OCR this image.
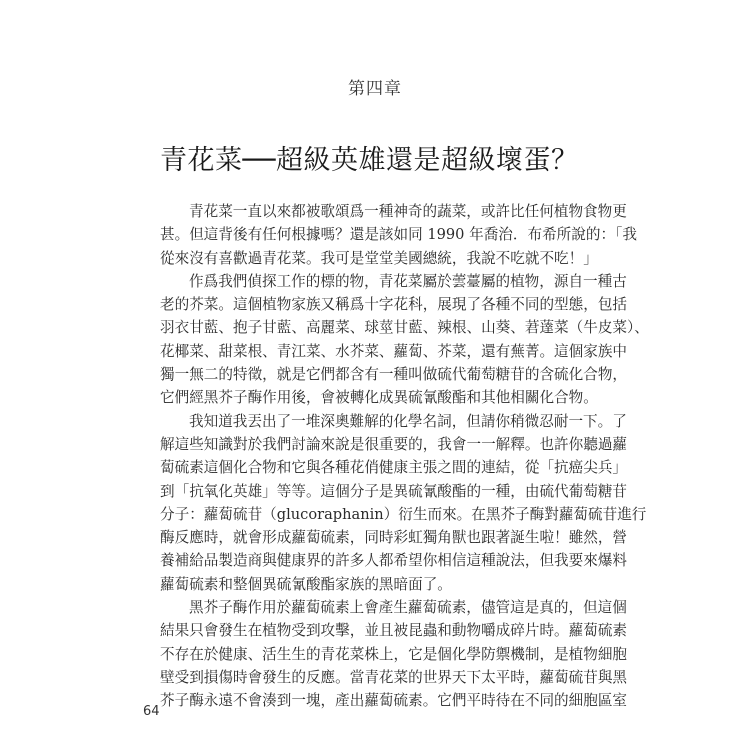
第四章
青花菜──超級英雄還是超級壞蛋？
青花菜一直以來都被歌頌爲一種神奇的蔬菜，或許比任何植物食物更
甚。但這背後有任何根據嗎？還是該如同 1990 年喬治．布希所說的：「我
從來沒有喜歡過青花菜。我可是堂堂美國總統，我說不吃就不吃！」
作爲我們偵探工作的標的物，青花菜屬於蕓薹屬的植物，源自一種古
老的芥菜。這個植物家族又稱爲十字花科，展現了各種不同的型態，包括
羽衣甘藍、抱子甘藍、高麗菜、球莖甘藍、辣根、山葵、莙薘菜（牛皮菜）、
花椰菜、甜菜根、青江菜、水芥菜、蘿蔔、芥菜，還有蕪菁。這個家族中
獨一無二的特徵，就是它們都含有一種叫做硫代葡萄糖苷的含硫化合物，
它們經黑芥子酶作用後，會被轉化成異硫氰酸酯和其他相關化合物。
我知道我丟出了一堆深奧難解的化學名詞，但請你稍微忍耐一下。了
解這些知識對於我們討論來說是很重要的，我會一一解釋。也許你聽過蘿
蔔硫素這個化合物和它與各種花俏健康主張之間的連結，從「抗癌尖兵」
到「抗氧化英雄」等等。這個分子是異硫氰酸酯的一種，由硫代葡萄糖苷
分子：蘿蔔硫苷（glucoraphanin）衍生而來。在黑芥子酶對蘿蔔硫苷進行
酶反應時，就會形成蘿蔔硫素，同時彩虹獨角獸也跟著誕生啦！雖然，營
養補給品製造商與健康界的許多人都希望你相信這種說法，但我要來爆料
蘿蔔硫素和整個異硫氰酸酯家族的黑暗面了。
黑芥子酶作用於蘿蔔硫素上會產生蘿蔔硫素，儘管這是真的，但這個
結果只會發生在植物受到攻擊，並且被昆蟲和動物嚼成碎片時。蘿蔔硫素
不存在於健康、活生生的青花菜株上，它是個化學防禦機制，是植物細胞
壁受到損傷時會發生的反應。當青花菜的世界天下太平時，蘿蔔硫苷與黑
芥子酶永遠不會湊到一塊，產出蘿蔔硫素。它們平時待在不同的細胞區室
64
